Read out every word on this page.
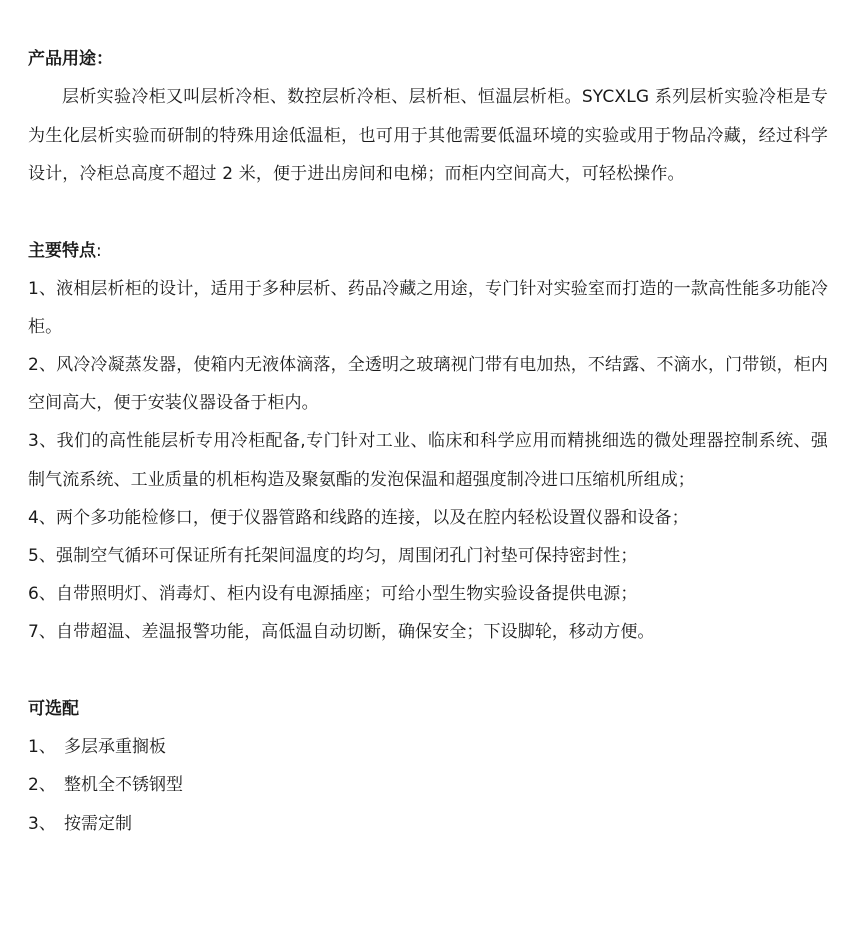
产品用途：

层析实验冷柜又叫层析冷柜、数控层析冷柜、层析柜、恒温层析柜。SYCXLG 系列层析实验冷柜是专为生化层析实验而研制的特殊用途低温柜，也可用于其他需要低温环境的实验或用于物品冷藏，经过科学设计，冷柜总高度不超过 2 米，便于进出房间和电梯；而柜内空间高大，可轻松操作。

主要特点:
1、液相层析柜的设计，适用于多种层析、药品冷藏之用途，专门针对实验室而打造的一款高性能多功能冷柜。
2、风冷冷凝蒸发器，使箱内无液体滴落，全透明之玻璃视门带有电加热，不结露、不滴水，门带锁，柜内空间高大，便于安装仪器设备于柜内。
3、我们的高性能层析专用冷柜配备,专门针对工业、临床和科学应用而精挑细选的微处理器控制系统、强制气流系统、工业质量的机柜构造及聚氨酯的发泡保温和超强度制冷进口压缩机所组成；
4、两个多功能检修口，便于仪器管路和线路的连接，以及在腔内轻松设置仪器和设备；
5、强制空气循环可保证所有托架间温度的均匀，周围闭孔门衬垫可保持密封性；
6、自带照明灯、消毒灯、柜内设有电源插座；可给小型生物实验设备提供电源；
7、自带超温、差温报警功能，高低温自动切断，确保安全；下设脚轮，移动方便。
可选配
1、 多层承重搁板
2、 整机全不锈钢型
3、 按需定制
